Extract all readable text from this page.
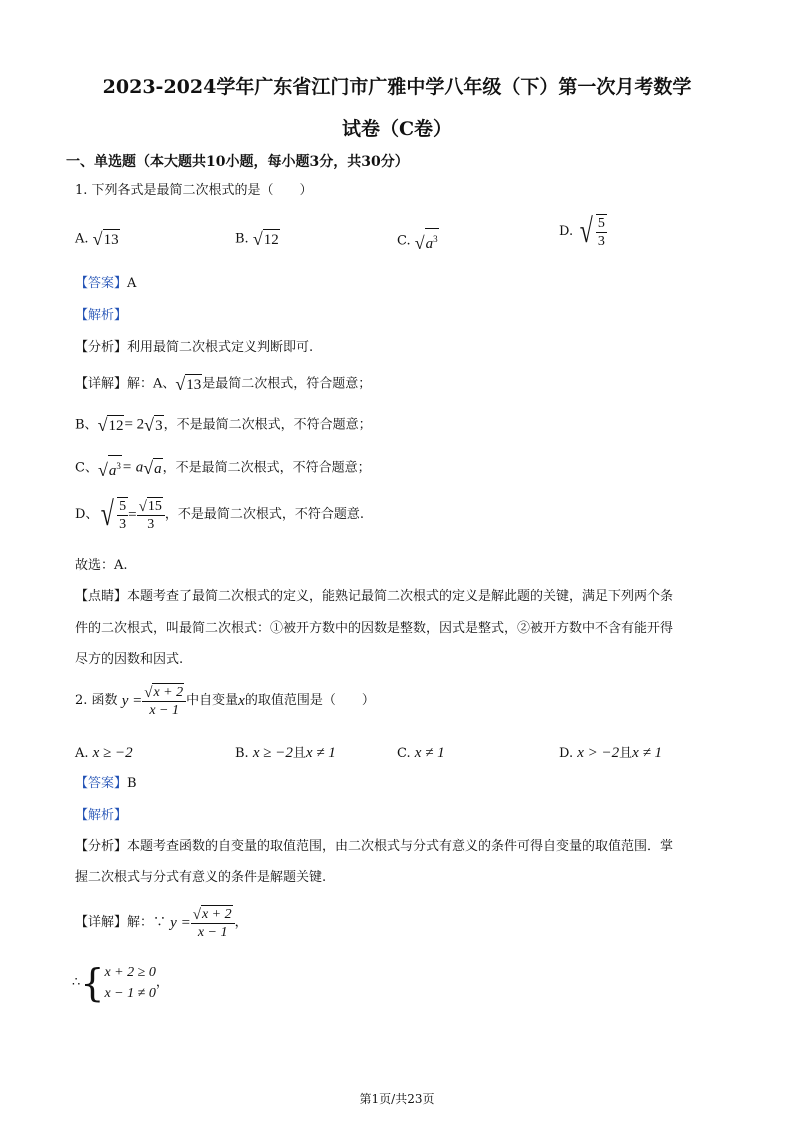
2023-2024学年广东省江门市广雅中学八年级（下）第一次月考数学
试卷（C卷）
一、单选题（本大题共10小题，每小题3分，共30分）
1. 下列各式是最简二次根式的是（　　）
A. √13	B. √12	C. $√a^3$	D. √ $\frac{5}{3}$
【答案】A
【解析】
【分析】利用最简二次根式定义判断即可.
【详解】解：A、√13是最简二次根式，符合题意；
B、√12= 2√3，不是最简二次根式，不符合题意；
C、$√a^3= a√a$，不是最简二次根式，不符合题意；
D、 √ $\frac{5}{3} = \frac{√15}{3}$ ，不是最简二次根式，不符合题意.
故选：A.
【点睛】本题考查了最简二次根式的定义，能熟记最简二次根式的定义是解此题的关键，满足下列两个条
件的二次根式，叫最简二次根式：①被开方数中的因数是整数，因式是整式，②被开方数中不含有能开得
尽方的因数和因式.
2. 函数 $y = \frac{√x + 2}{x - 1}$ 中自变量x的取值范围是（　　）
A. x ≥ −2	B. x ≥ −2且x ≠ 1	C. x ≠ 1	D. x > −2且x ≠ 1
【答案】B
【解析】
【分析】本题考查函数的自变量的取值范围，由二次根式与分式有意义的条件可得自变量的取值范围．掌
握二次根式与分式有意义的条件是解题关键.
【详解】解：∵ $y = \frac{√x + 2}{x - 1}$ ，
∴{ x + 2 ≥ 0
x − 1 ≠ 0
，
第1页/共23页
